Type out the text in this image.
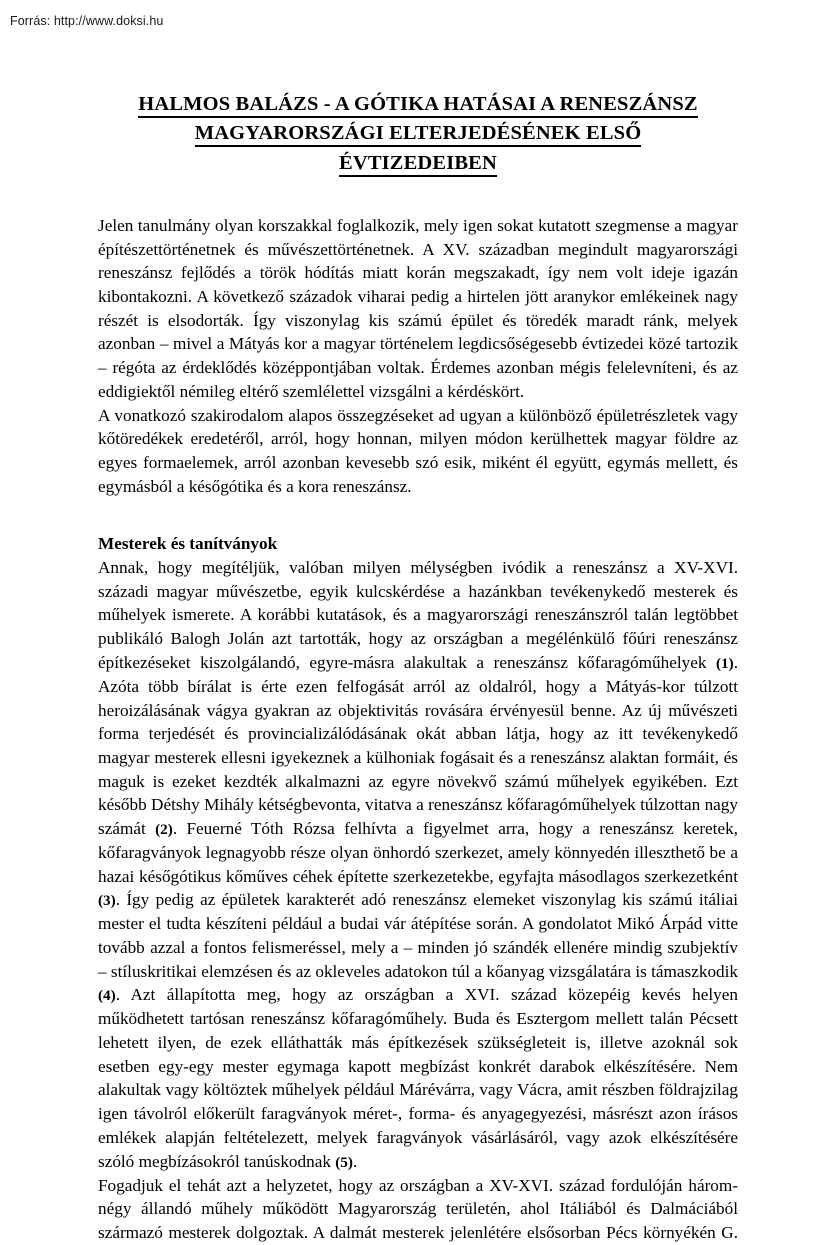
Forrás: http://www.doksi.hu
HALMOS BALÁZS - A GÓTIKA HATÁSAI A RENESZÁNSZ
MAGYARORSZÁGI ELTERJEDÉSÉNEK ELSŐ
ÉVTIZEDEIBEN

Jelen tanulmány olyan korszakkal foglalkozik, mely igen sokat kutatott szegmense a magyar építészettörténetnek és művészettörténetnek. A XV. században megindult magyarországi reneszánsz fejlődés a török hódítás miatt korán megszakadt, így nem volt ideje igazán kibontakozni. A következő századok viharai pedig a hirtelen jött aranykor emlékeinek nagy részét is elsodorták. Így viszonylag kis számú épület és töredék maradt ránk, melyek azonban – mivel a Mátyás kor a magyar történelem legdicsőségesebb évtizedei közé tartozik – régóta az érdeklődés középpontjában voltak. Érdemes azonban mégis felelevníteni, és az eddigiektől némileg eltérő szemlélettel vizsgálni a kérdéskört.

A vonatkozó szakirodalom alapos összegzéseket ad ugyan a különböző épületrészletek vagy kőtöredékek eredetéről, arról, hogy honnan, milyen módon kerülhettek magyar földre az egyes formaelemek, arról azonban kevesebb szó esik, miként él együtt, egymás mellett, és egymásból a későgótika és a kora reneszánsz.

Mesterek és tanítványok

Annak, hogy megítéljük, valóban milyen mélységben ivódik a reneszánsz a XV-XVI. századi magyar művészetbe, egyik kulcskérdése a hazánkban tevékenykedő mesterek és műhelyek ismerete. A korábbi kutatások, és a magyarországi reneszánszról talán legtöbbet publikáló Balogh Jolán azt tartották, hogy az országban a megélénkülő főúri reneszánsz építkezéseket kiszolgálandó, egyre-másra alakultak a reneszánsz kőfaragóműhelyek (1). Azóta több bírálat is érte ezen felfogását arról az oldalról, hogy a Mátyás-kor túlzott heroizálásának vágya gyakran az objektivitás rovására érvényesül benne. Az új művészeti forma terjedését és provincializálódásának okát abban látja, hogy az itt tevékenykedő magyar mesterek ellesni igyekeznek a külhoniak fogásait és a reneszánsz alaktan formáit, és maguk is ezeket kezdték alkalmazni az egyre növekvő számú műhelyek egyikében. Ezt később Détshy Mihály kétségbevonta, vitatva a reneszánsz kőfaragóműhelyek túlzottan nagy számát (2). Feuerné Tóth Rózsa felhívta a figyelmet arra, hogy a reneszánsz keretek, kőfaragványok legnagyobb része olyan önhordó szerkezet, amely könnyedén illeszthető be a hazai későgótikus kőműves céhek építette szerkezetekbe, egyfajta másodlagos szerkezetként (3). Így pedig az épületek karakterét adó reneszánsz elemeket viszonylag kis számú itáliai mester el tudta készíteni például a budai vár átépítése során. A gondolatot Mikó Árpád vitte tovább azzal a fontos felismeréssel, mely a – minden jó szándék ellenére mindig szubjektív – stíluskritikai elemzésen és az okleveles adatokon túl a kőanyag vizsgálatára is támaszkodik (4). Azt állapította meg, hogy az országban a XVI. század közepéig kevés helyen működhetett tartósan reneszánsz kőfaragóműhely. Buda és Esztergom mellett talán Pécsett lehetett ilyen, de ezek elláthatták más építkezések szükségleteit is, illetve azoknál sok esetben egy-egy mester egymaga kapott megbízást konkrét darabok elkészítésére. Nem alakultak vagy költöztek műhelyek például Márévárra, vagy Vácra, amit részben földrajzilag igen távolról előkerült faragványok méret-, forma- és anyagegyezési, másrészt azon írásos emlékek alapján feltételezett, melyek faragványok vásárlásáról, vagy azok elkészítésére szóló megbízásokról tanúskodnak (5).

Fogadjuk el tehát azt a helyzetet, hogy az országban a XV-XVI. század fordulóján három-négy állandó műhely működött Magyarország területén, ahol Itáliából és Dalmáciából származó mesterek dolgoztak. A dalmát mesterek jelenlétére elsősorban Pécs környékén G.
